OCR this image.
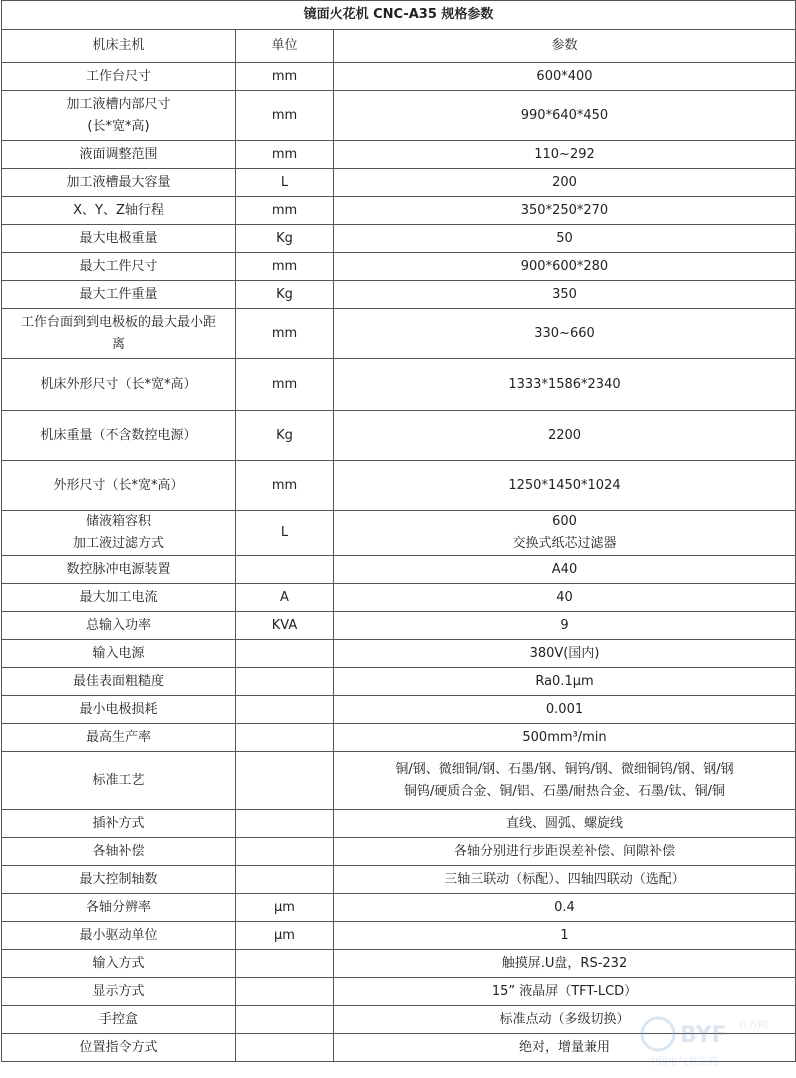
镜面火花机 CNC-A35 规格参数		
机床主机	单位	参数

工作台尺寸	mm	600*400

加工液槽内部尺寸
(长*宽*高)	mm	990*640*450

液面调整范围	mm	110~292

加工液槽最大容量	L	200

X、Y、Z轴行程	mm	350*250*270

最大电极重量	Kg	50

最大工件尺寸	mm	900*600*280

最大工件重量	Kg	350

工作台面到到电极板的最大最小距
离	mm	330~660

机床外形尺寸（长*宽*高）	mm	1333*1586*2340

机床重量（不含数控电源）	Kg	2200

外形尺寸（长*宽*高）	mm	1250*1450*1024

储液箱容积
加工液过滤方式	L	600
交换式纸芯过滤器

数控脉冲电源装置		A40

最大加工电流	A	40

总输入功率	KVA	9

输入电源		380V(国内)

最佳表面粗糙度		Ra0.1μm

最小电极损耗		0.001

最高生产率		500mm³/min

标准工艺		铜/钢、微细铜/钢、石墨/钢、铜钨/钢、微细铜钨/钢、钢/钢
铜钨/硬质合金、铜/铝、石墨/耐热合金、石墨/钛、铜/铜

插补方式		直线、圆弧、螺旋线

各轴补偿		各轴分别进行步距误差补偿、间隙补偿

最大控制轴数		三轴三联动（标配）、四轴四联动（选配）

各轴分辨率	μm	0.4

最小驱动单位	μm	1

输入方式		触摸屏.U盘，RS-232

显示方式		15” 液晶屏（TFT-LCD）

手控盒		标准点动（多级切换）

位置指令方式		绝对，增量兼用	BYF 自方网
中国电气供应商
